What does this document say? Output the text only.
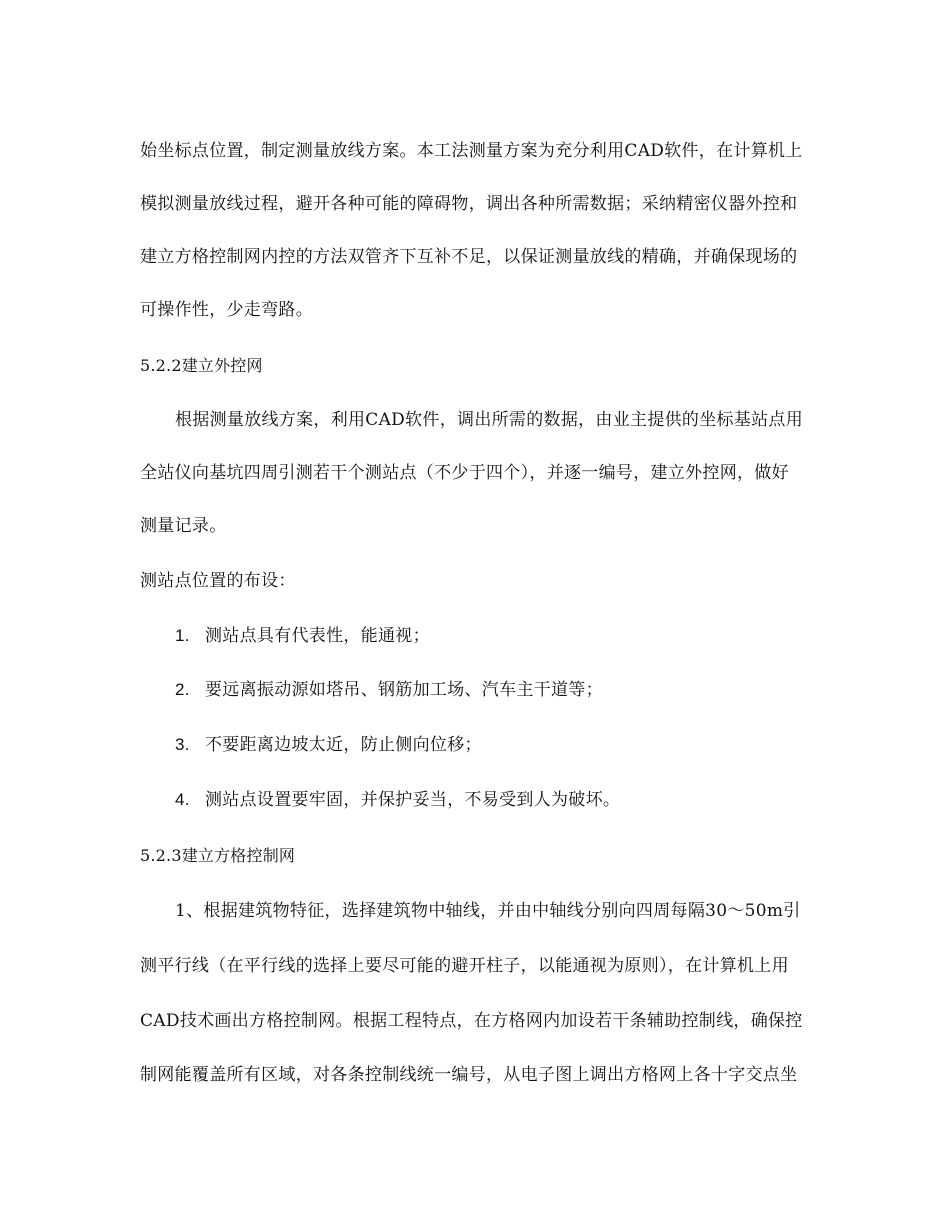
始坐标点位置，制定测量放线方案。本工法测量方案为充分利用CAD软件，在计算机上
模拟测量放线过程，避开各种可能的障碍物，调出各种所需数据；采纳精密仪器外控和
建立方格控制网内控的方法双管齐下互补不足，以保证测量放线的精确，并确保现场的
可操作性，少走弯路。
5.2.2建立外控网
根据测量放线方案，利用CAD软件，调出所需的数据，由业主提供的坐标基站点用
全站仪向基坑四周引测若干个测站点（不少于四个），并逐一编号，建立外控网，做好
测量记录。
测站点位置的布设：
1. 测站点具有代表性，能通视；
2. 要远离振动源如塔吊、钢筋加工场、汽车主干道等；
3. 不要距离边坡太近，防止侧向位移；
4. 测站点设置要牢固，并保护妥当，不易受到人为破坏。
5.2.3建立方格控制网
1、根据建筑物特征，选择建筑物中轴线，并由中轴线分别向四周每隔30～50m引
测平行线（在平行线的选择上要尽可能的避开柱子，以能通视为原则），在计算机上用
CAD技术画出方格控制网。根据工程特点，在方格网内加设若干条辅助控制线，确保控
制网能覆盖所有区域，对各条控制线统一编号，从电子图上调出方格网上各十字交点坐
